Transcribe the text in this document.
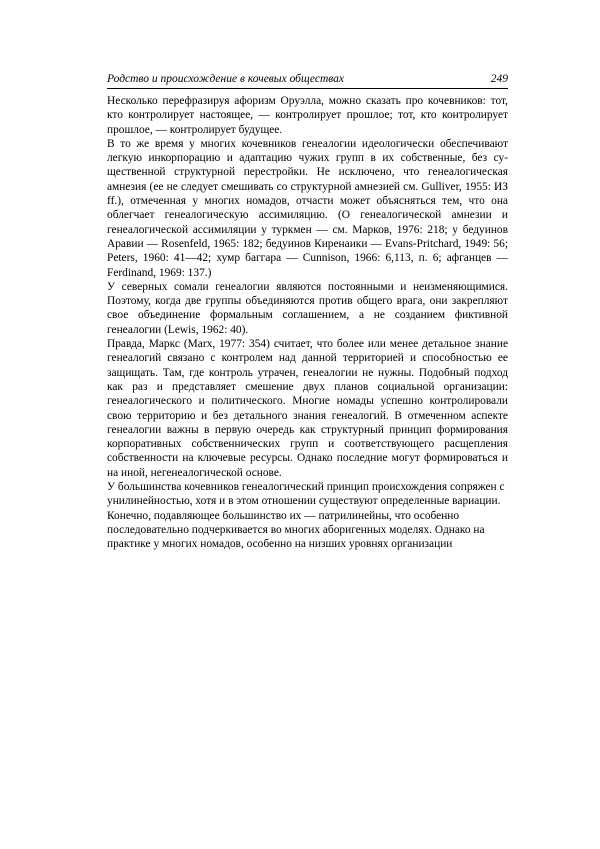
Родство и происхождение в кочевых обществах	249

Несколько перефразируя афоризм Оруэлла, можно сказать про кочевников: тот, кто контролирует настоящее, — контролирует прошлое; тот, кто контролирует прошлое, — контролирует будущее.

В то же время у многих кочевников генеалогии идеологически обеспечивают легкую инкорпорацию и адаптацию чужих групп в их собственные, без существенной структурной перестройки. Не исключено, что генеалогическая амнезия (ее не следует смешивать со структурной амнезией см. Gulliver, 1955: ИЗ ff.), отмеченная у многих номадов, отчасти может объясняться тем, что она облегчает генеалогическую ассимиляцию. (О генеалогической амнезии и генеалогической ассимиляции у туркмен — см. Марков, 1976: 218; у бедуинов Аравии — Rosenfeld, 1965: 182; бедуинов Киренаики — Evans-Pritchard, 1949: 56; Peters, 1960: 41—42; хумр баггара — Cunnison, 1966: 6,113, п. 6; афганцев — Ferdinand, 1969: 137.)

У северных сомали генеалогии являются постоянными и неизменяющимися. Поэтому, когда две группы объединяются против общего врага, они закрепляют свое объединение формальным соглашением, а не созданием фиктивной генеалогии (Lewis, 1962: 40).

Правда, Маркс (Marx, 1977: 354) считает, что более или менее детальное знание генеалогий связано с контролем над данной территорией и способностью ее защищать. Там, где контроль утрачен, генеалогии не нужны. Подобный подход как раз и представляет смешение двух планов социальной организации: генеалогического и политического. Многие номады успешно контролировали свою территорию и без детального знания генеалогий. В отмеченном аспекте генеалогии важны в первую очередь как структурный принцип формирования корпоративных собственнических групп и соответствующего расщепления собственности на ключевые ресурсы. Однако последние могут формироваться и на иной, негенеалогической основе.

У большинства кочевников генеалогический принцип происхождения сопряжен с унилинейностью, хотя и в этом отношении существуют определенные вариации. Конечно, подавляющее большинство их — патрилинейны, что особенно последовательно подчеркивается во многих аборигенных моделях. Однако на практике у многих номадов, особенно на низших уровнях организации
